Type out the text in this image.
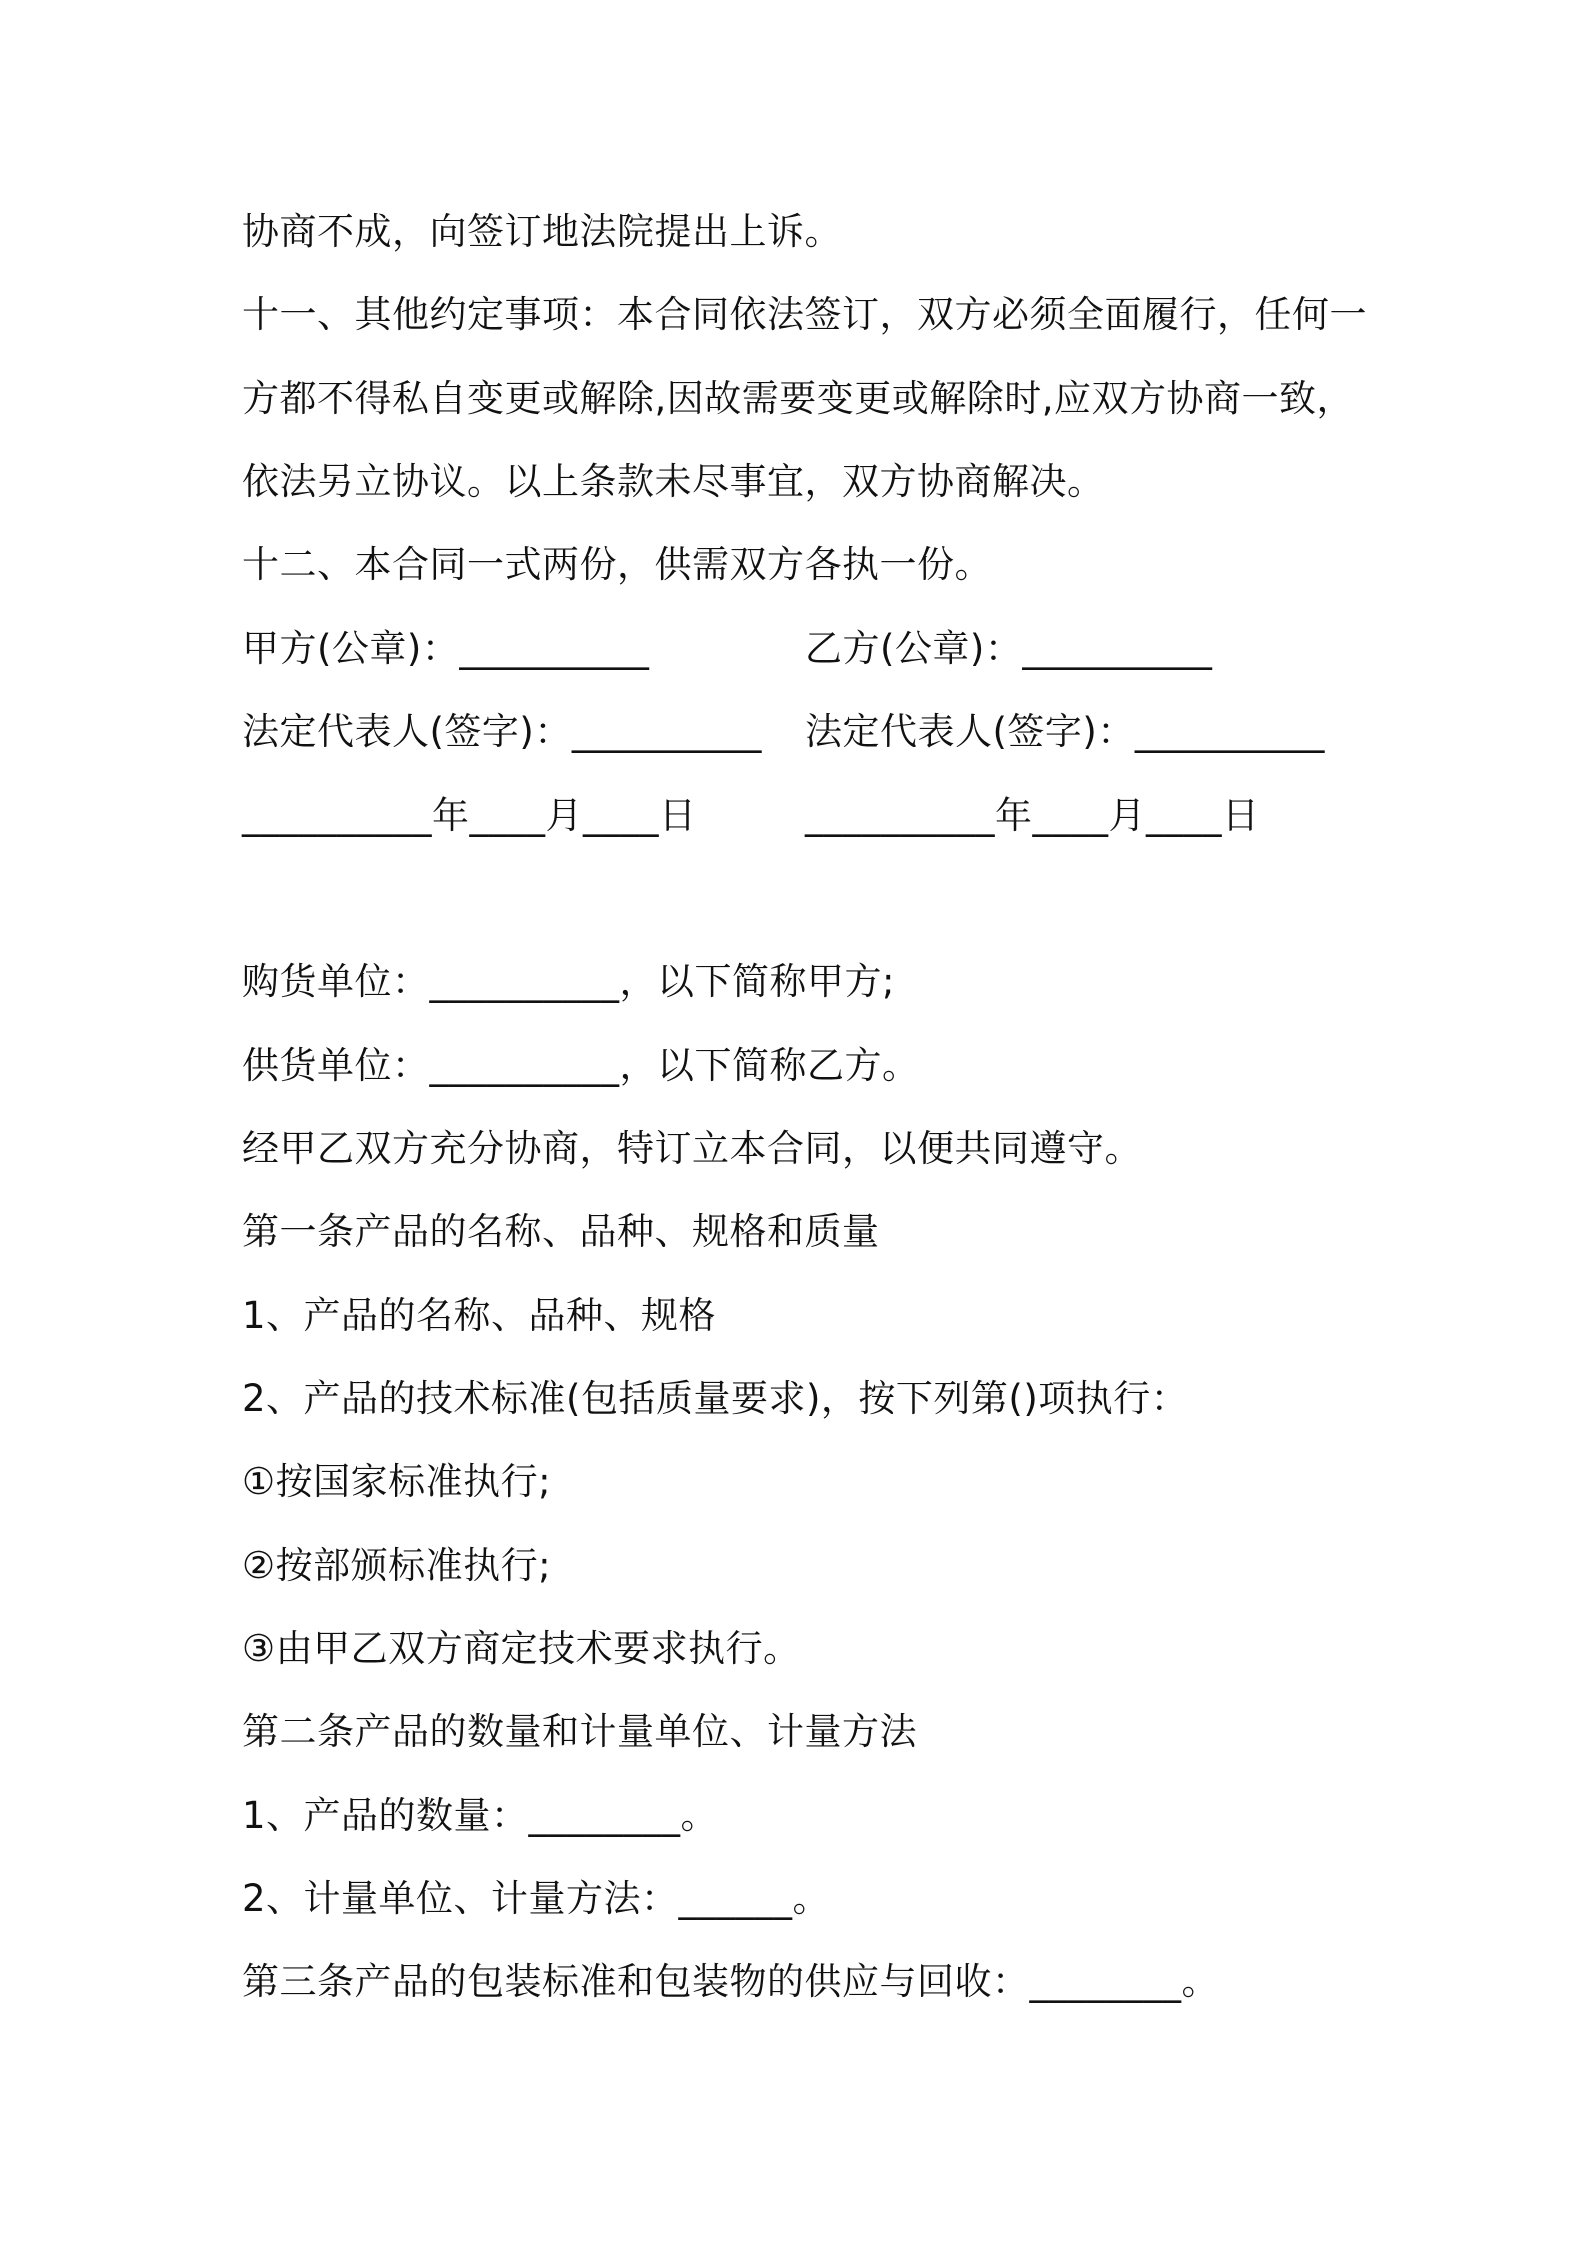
协商不成，向签订地法院提出上诉。
十一、其他约定事项：本合同依法签订，双方必须全面履行，任何一
方都不得私自变更或解除,因故需要变更或解除时,应双方协商一致，
依法另立协议。以上条款未尽事宜，双方协商解决。
十二、本合同一式两份，供需双方各执一份。
甲方(公章)：__________	乙方(公章)：__________
法定代表人(签字)：__________ 法定代表人(签字)：__________
__________年____月____日	__________年____月____日
购货单位：__________，以下简称甲方;
供货单位：__________，以下简称乙方。
经甲乙双方充分协商，特订立本合同，以便共同遵守。
第一条产品的名称、品种、规格和质量
1、产品的名称、品种、规格
2、产品的技术标准(包括质量要求)，按下列第()项执行：
①按国家标准执行;
②按部颁标准执行;
③由甲乙双方商定技术要求执行。
第二条产品的数量和计量单位、计量方法
1、产品的数量：________。
2、计量单位、计量方法：______。
第三条产品的包装标准和包装物的供应与回收：________。
